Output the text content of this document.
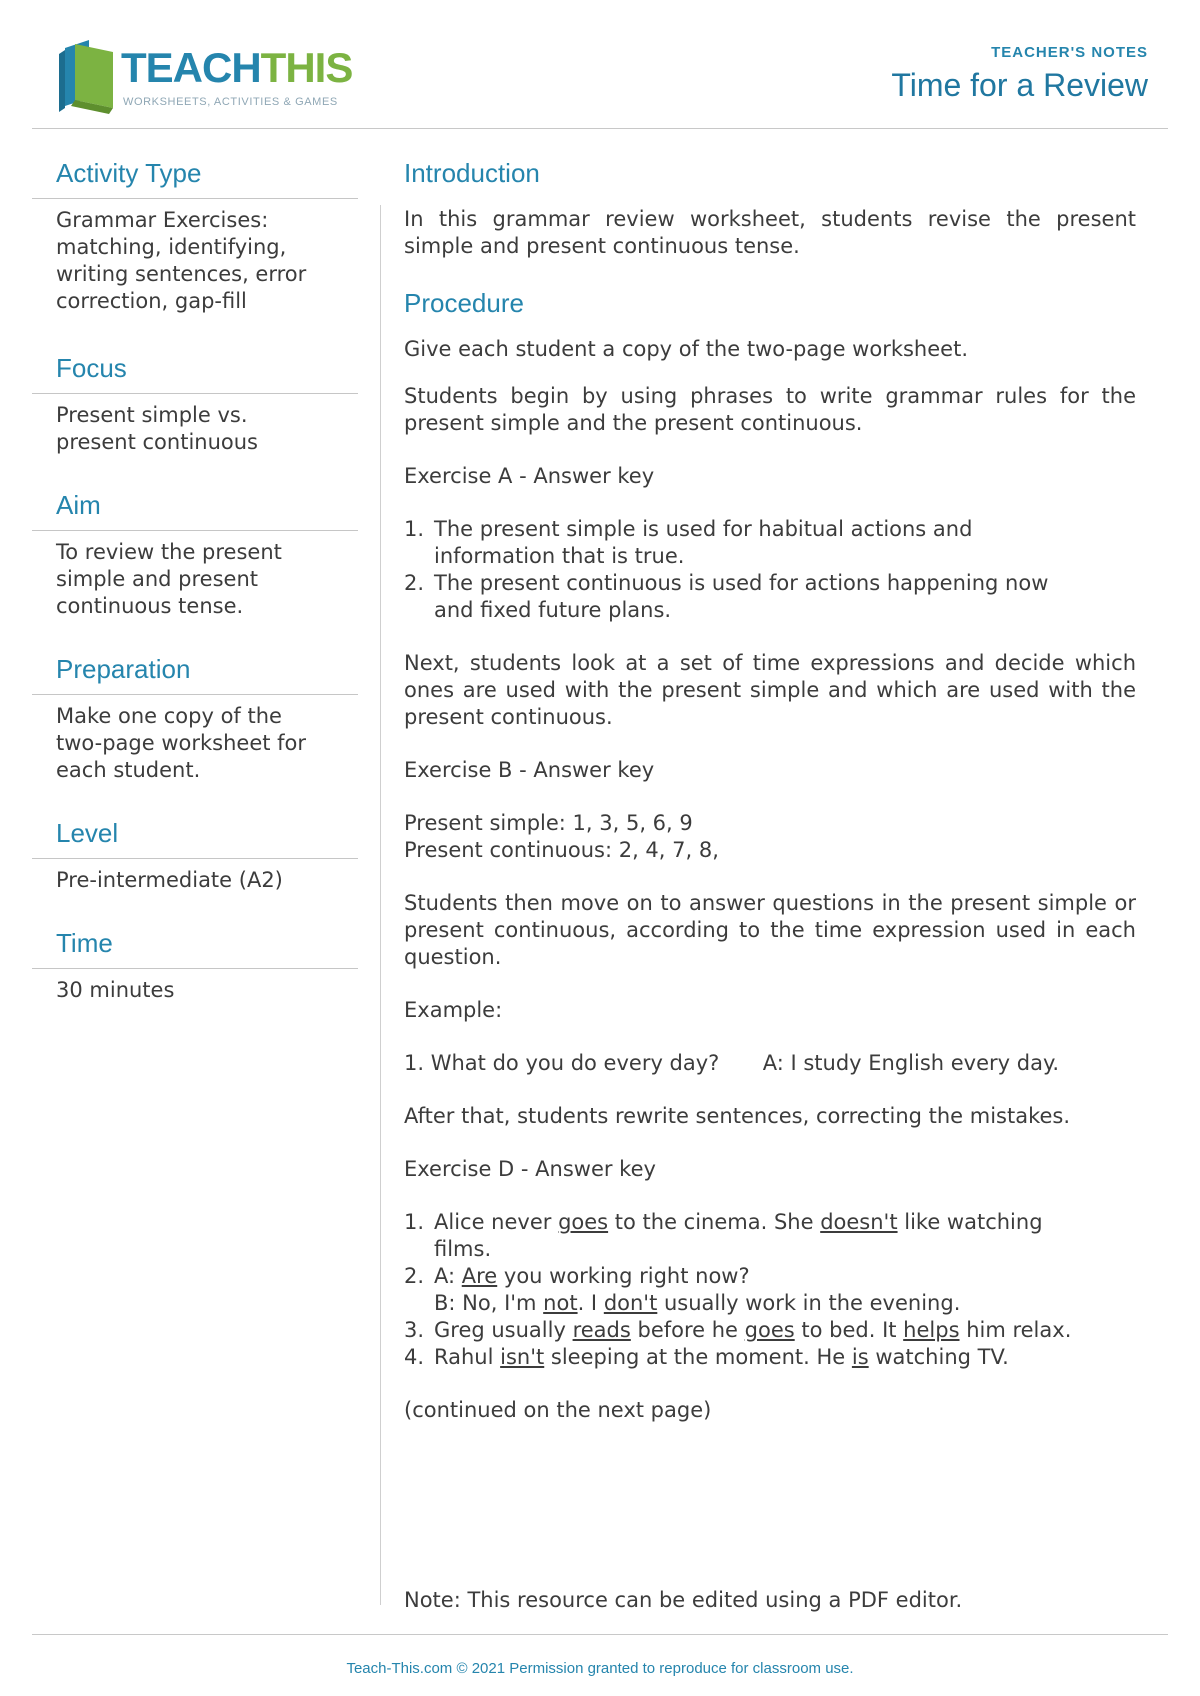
TEACHTHIS
WORKSHEETS, ACTIVITIES & GAMES
TEACHER'S NOTES
Time for a Review
Activity Type
Grammar Exercises:
matching, identifying,
writing sentences, error
correction, gap-fill
Focus
Present simple vs.
present continuous
Aim
To review the present
simple and present
continuous tense.
Preparation
Make one copy of the
two-page worksheet for
each student.
Level
Pre-intermediate (A2)
Time
30 minutes
Introduction
In this grammar review worksheet, students revise the present simple and present continuous tense.
Procedure
Give each student a copy of the two-page worksheet.
Students begin by using phrases to write grammar rules for the present simple and the present continuous.
Exercise A - Answer key
1. The present simple is used for habitual actions and
information that is true.
2. The present continuous is used for actions happening now
and fixed future plans.
Next, students look at a set of time expressions and decide which ones are used with the present simple and which are used with the present continuous.
Exercise B - Answer key
Present simple: 1, 3, 5, 6, 9
Present continuous: 2, 4, 7, 8,
Students then move on to answer questions in the present simple or present continuous, according to the time expression used in each question.
Example:
1. What do you do every day? A: I study English every day.
After that, students rewrite sentences, correcting the mistakes.
Exercise D - Answer key
1. Alice never goes to the cinema. She doesn't like watching
films.
2. A: Are you working right now?
B: No, I'm not. I don't usually work in the evening.
3. Greg usually reads before he goes to bed. It helps him relax.
4. Rahul isn't sleeping at the moment. He is watching TV.
(continued on the next page)
Note: This resource can be edited using a PDF editor.
Teach-This.com © 2021 Permission granted to reproduce for classroom use.
